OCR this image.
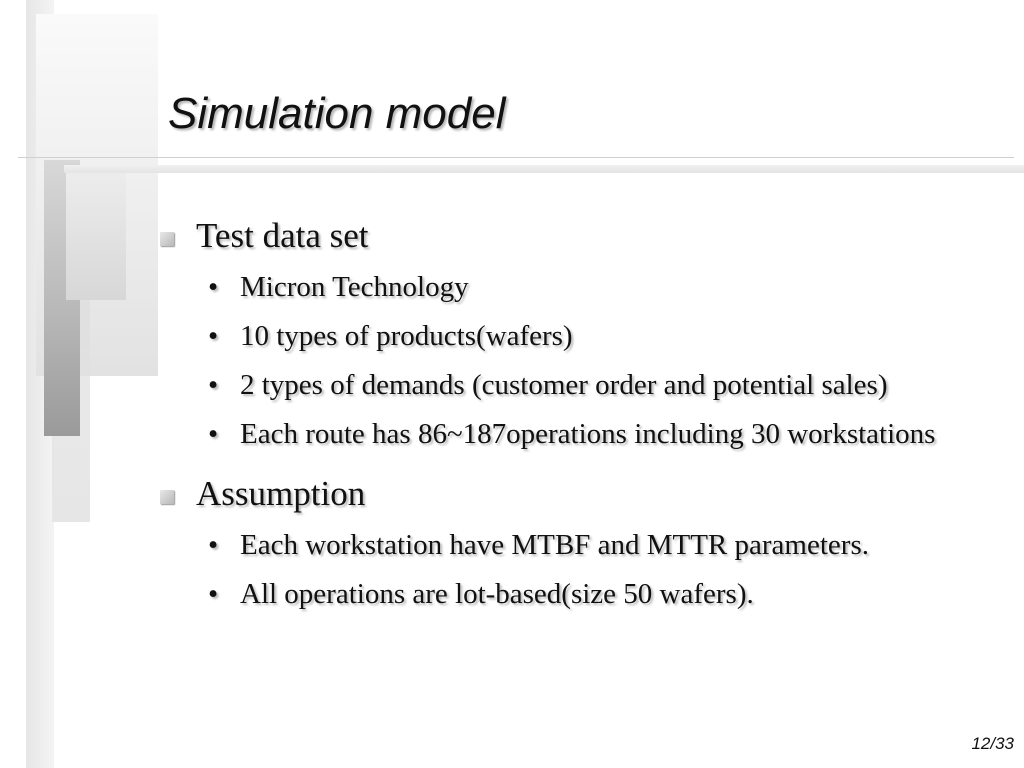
Simulation model
Test data set
• Micron Technology
• 10 types of products(wafers)
• 2 types of demands (customer order and potential sales)
• Each route has 86~187operations including 30 workstations
Assumption
• Each workstation have MTBF and MTTR parameters.
• All operations are lot-based(size 50 wafers).
12/33
